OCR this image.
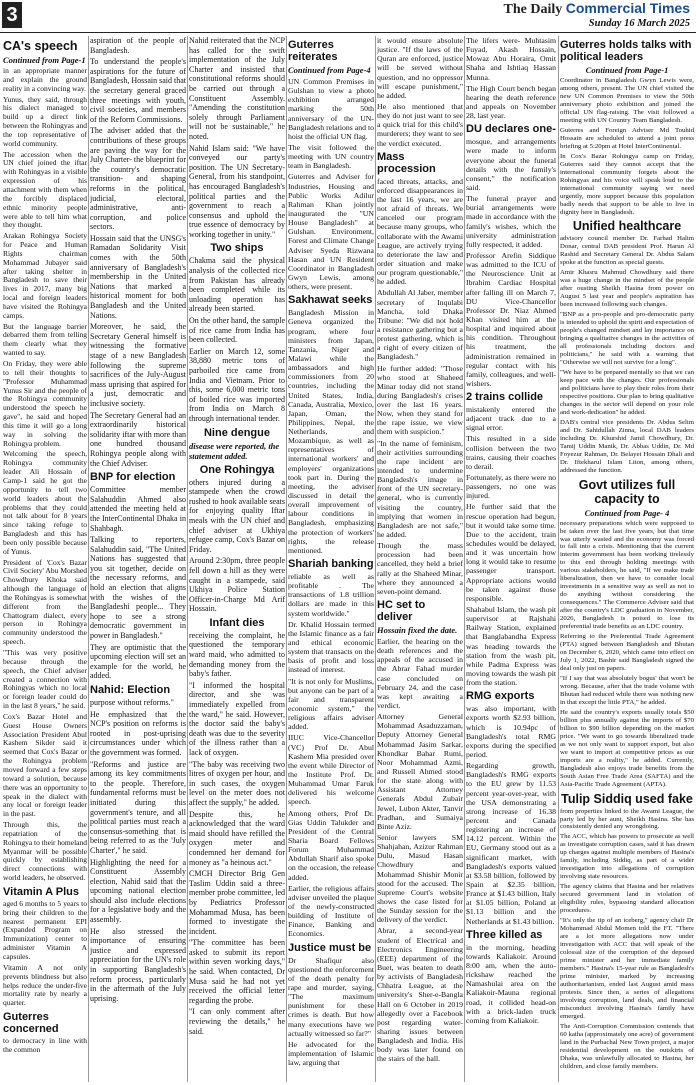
3	The Daily Commercial Times
Sunday 16 March 2025
CA's speech
Continued from Page-1

in an appropriate manner and explain the ground reality in a convincing way.

Yunus, they said, through his dialect managed to build up a direct link between the Rohingyas and the top representative of world community.

The accession when the UN chief joined the iftar with Rohingyas in a visible expression of his attachment with them when the forcibly displaced ethnic minority people were able to tell him what they thought.

Arakan Rohingya Society for Peace and Human Rights chairman Mohammad Jubayer said after taking shelter in Bangladesh to save their lives in 2017, many big local and foreign leaders have visited the Rohingya camps.

But the language barrier debarred them from telling them clearly what they wanted to say.

On Friday, they were able to tell their thoughts to "Professor Muhammad Yunus Sir and the people of the Rohingya community understood the speech he gave", he said and hoped this time it will go a long way in solving the Rohingya problem.

Welcoming the speech, Rohingya community leader Ali Hossain of Camp-1 said he got the opportunity to tell two world leaders about the problems that they could not talk about for 8 years since taking refuge to Bangladesh and this has been only possible because of Yunus.

President of 'Cox's Bazar Civil Society' Abu Morshed Chowdhury Khoka said although the language of the Rohingyas is somewhat different from the Chattogram dialect, every person in Rohingya community understood the speech.

"This was very positive because through the speech, the Chief adviser created a connection with Rohingyas which no local or foreign leader could do in the last 8 years," he said.

Cox's Bazar Hotel and Guest House Owners Association President Abul Kashem Sikder said it seemed that Cox's Bazar or the Rohingya problem moved forward a few steps toward a solution, because there was an opportunity to speak in the dialect with any local or foreign leader in the past.

Through this, the repatriation of the Rohingya to their homeland Myanmar will be possible quickly by establishing direct connections with world leaders, he observed.

Vitamin A Plus

aged 6 months to 5 years to bring their children to the nearest permanent EPI (Expanded Program on Immunization) center to administer Vitamin A capsules.

Vitamin A not only prevents blindness but also helps reduce the under-five mortality rate by nearly a quarter.

Guterres concerned

to democracy in line with the common

aspiration of the people of Bangladesh.

To understand the people's aspirations for the future of Bangladesh, Hossain said that the secretary general graced three meetings with youth, civil societies, and members of the Reform Commissions.

The adviser added that the contributions of these groups are paving the way for the July Charter- the blueprint for the country's democratic transition- and shaping reforms in the political, judicial, electoral, administrative, anti-corruption, and police sectors.

Hossain said that the UNSG's Ramadan Solidarity Visit comes with the 50th anniversary of Bangladesh's membership in the United Nations that marked a historical moment for both Bangladesh and the United Nations.

Moreover, he said, the Secretary General himself is witnessing the formative stage of a new Bangladesh following the supreme sacrifices of the July-August mass uprising that aspired for a just, democratic and inclusive society.

The Secretary General had an extraordinarily historical solidarity iftar with more than one hundred thousand Rohingya people along with the Chief Adviser.

BNP for election

Committee member Salahuddin Ahmed also attended the meeting held at the InterContinental Dhaka in Shahbagh.

Talking to reporters, Salahuddin said, "The United Nations has suggested that you sit together, decide on the necessary reforms, and hold an election that aligns with the wishes of the Bangladeshi people... They hope to see a strong democratic government in power in Bangladesh."

They are optimistic that the upcoming election will set an example for the world, he added.

Nahid: Election

purpose without reforms."

He emphasized that the NCP's position on reforms is rooted in post-uprising circumstances under which the government was formed.

"Reforms and justice are among its key commitments to the people. Therefore, fundamental reforms must be initiated during this government's tenure, and all political parties must reach a consensus-something that is being referred to as the 'July Charter'," he said.

Highlighting the need for a Constituent Assembly election, Nahid said that the upcoming national election should also include elections for a legislative body and the assembly.

He also stressed the importance of ensuring justice and expressed appreciation for the UN's role in supporting Bangladesh's reform process, particularly in the aftermath of the July uprising.

Nahid reiterated that the NCP has called for the swift implementation of the July Charter and insisted that constitutional reforms should be carried out through a Constituent Assembly. "Amending the constitution solely through Parliament will not be sustainable," he noted.

Nahid Islam said: "We have conveyed our party's position. The UN Secretary-General, from his standpoint, has encouraged Bangladesh's political parties and the government to reach a consensus and uphold the true essence of democracy by working together in unity."

Two ships

Chakma said the physical analysis of the collected rice from Pakistan has already been completed while its unloading operation has already been started.

On the other hand, the sample of rice came from India has been collected.

Earlier on March 12, some 38,880 metric tons of parboiled rice came from India and Vietnam. Prior to this, some 6,000 metric tons of boiled rice was imported from India on March 8 through international tender.

Nine dengue
disease were reported, the statement added.
One Rohingya

others injured during a stampede when the crowd rushed to hook available seats for enjoying quality Iftar meals with the UN chief and chief adviser at Ukhiya refugee camp, Cox's Bazar on Friday.

Around 2:30pm, three people fell down a hill as they were caught in a stampede, said Ukhiya Police Station Officer-in-Charge Md Arif Hossain.

Infant dies

receiving the complaint, he questioned the temporary ward maid, who admitted to demanding money from the baby's father.

"I informed the hospital director, and she was immediately expelled from the ward," he said. However, the doctor said the baby's death was due to the severity of the illness rather than a lack of oxygen.

"The baby was receiving two litres of oxygen per hour, and in such cases, the oxygen level on the meter does not affect the supply," he added.

Despite this, he acknowledged that the ward maid should have refilled the oxygen meter and condemned her demand for money as "a heinous act."

CMCH Director Brig Gen Taslim Uddin said a three-member probe committee, led by Pediatrics Professor Mohammad Musa, has been formed to investigate the incident.

"The committee has been asked to submit its report within seven working days," he said. When contacted, Dr Musa said he had not yet received the official letter regarding the probe.

"I can only comment after reviewing the details," he said.

Guterres reiterates
Continued from Page-4

UN Common Premises in Gulshan to view a photo exhibition arranged marking the 50th anniversary of the UN-Bangladesh relations and to hoist the official UN flag.

The visit followed the meeting with UN country team in Bangladesh.

Guterres and Adviser for Industries, Housing and Public Works Adilur Rahman Khan jointly inaugurated the "UN House Bangladesh" at Gulshan. Environment, Forest and Climate Change Adviser Syeda Rizwana Hasan and UN Resident Coordinator in Bangladesh Gwyn Lewis, among others, were present.

Sakhawat seeks

Bangladesh Mission in Geneva organized the program, where four ministers from Japan, Tanzania, Niger and Malawi while the ambassadors and high commissioners from 20 countries, including the United States, India, Canada, Australia, Mexico, Japan, Oman, the Philippines, Nepal, the Netherlands, and Mozambique, as well as representatives of international workers' and employers' organizations took part in. During the meeting, the adviser discussed in detail the overall improvement of labour conditions in Bangladesh, emphasizing the protection of workers' rights, the release mentioned.

Shariah banking

reliable as well as profitable . The transactions of 1.8 trillion dollars are made in this system worldwide."

Dr. Khalid Hossain termed the Islamic finance as a fair and ethical economic system that transacts on the basis of profit and loss instead of interest.

"It is not only for Muslims, but anyone can be part of a fair and transparent economic system," the religious affairs adviser added.

IIUC Vice-Chancellor (VC) Prof Dr. Abul Kashem Mia presided over the event while Director of the Institute Prof. Dr. Muhammad Umar Faruk delivered his welcome speech.

Among others, Prof Dr. Gias Uddin Talukder and President of the Central Sharia Board Fellows Forum Muhammad Abdullah Sharif also spoke on the occasion, the release added.

Earlier, the religious affairs adviser unveiled the plaque of the newly-constructed building of Institute of Finance, Banking and Economics.

Justice must be

Dr Shafiqur also questioned the enforcement of the death penalty for rape and murder, saying, "The maximum punishment for these crimes is death. But how many executions have we actually witnessed so far?"

He advocated for the implementation of Islamic law, arguing that

it would ensure absolute justice. "If the laws of the Quran are enforced, justice will be served without question, and no oppressor will escape punishment," he added.

He also mentioned that they do not just want to see a quick trial for this child's murderers; they want to see the verdict executed.

Mass procession

faced threats, attacks, and enforced disappearances in the last 16 years, we are not afraid of threats. We canceled our program because many groups, who collaborate with the Awami League, are actively trying to deteriorate the law and order situation and make our program questionable," he added.

Abdullah Al Jaber, member secretary of Inqulabi Mancha, told Dhaka Tribune: "We did not hold a resistance gathering but a protest gathering, which is a right of every citizen of Bangladesh."

He further added: "Those who stood at Shaheed Minar today did not stand during Bangladesh's crises over the last 16 years. Now, when they stand for the rape issue, we view them with suspicion."

"In the name of feminism, their activities surrounding the rape incident are intended to undermine Bangladesh's image in front of the UN secretary-general, who is currently visiting the country, implying that women in Bangladesh are not safe," he added.

Though the mass procession had been cancelled, they held a brief rally at the Shaheed Minar, where they announced a seven-point demand.

HC set to deliver
Hossain fixed the date.

Earlier, the hearing on the death references and the appeals of the accused in the Abrar Fahad murder case concluded on February 24, and the case was kept awaiting a verdict.

Attorney General Mohammad Asaduzzaman, Deputy Attorney General Mohammad Jasim Sarkar, Khondkar Bahar Rumi, Noor Mohammad Azmi, and Russell Ahmed stood for the state along with Assistant Attorney Generals Abdul Zubair Jewel, Lubon Akter, Tanvir Pradhan, and Sumaiya Binte Aziz.

Senior lawyers SM Shahjahan, Azizur Rahman Dulu, Masud Hasan Chowdhury and Mohammad Shishir Monir stood for the accused. The Supreme Court's website shows the case listed for the Sunday session for the delivery of the verdict.

Abrar, a second-year student of Electrical and Electronics Engineering (EEE) department of the Buet, was beaten to death by activists of Bangladesh Chhatra League, at the university's Sher-e-Bangla Hall on 6 October in 2019 allegedly over a Facebook post regarding water-sharing issues between Bangladesh and India. His body was later found on the stairs of the hall.

Guterres holds talks with political leaders
Continued from Page-1

Coordinator in Bangladesh Gwyn Lewis were, among others, present. The UN chief visited the new UN Common Premises to view the 50th anniversary photo exhibition and joined the official UN flag-raising. The visit followed a meeting with UN Country Team Bangladesh.

Guterres and Foreign Adviser Md Touhid Hossain are scheduled to attend a joint press briefing at 5:20pm at Hotel InterContinental.

In Cox's Bazar Rohingya camp on Friday, Guterres said they cannot accept that the international community forgets about the Rohingyas and his voice will speak loud to the international community saying we need urgently, more support because this population badly needs that support to be able to live in dignity here in Bangladesh.

Unified healthcare

advisory council member Dr. Farhad Halim Donar, central DAB president Prof. Harun Al Rashid and Secretary General Dr. Abdus Salam spoke at the function as special guests.

Amir Khasru Mahmud Chowdhury said there was a huge change in the mindset of the people after ousting Sheikh Hasina from power on August 5 last year and people's aspiration has been increased following such changes.

"BNP as a pro-people and pro-democratic party is intended to uphold the spirit and expectation of people's changed mindset and lay importance on bringing a qualitative changes in the activities of all professionals including doctors and politicians," he said with a warning that "Otherwise we will not survive for a long".

"We have to be prepared mentally so that we can keep pace with the changes. Our professionals and politicians have to play their roles from their respective positions. Our plan to bring qualitative changes in the sector will depend on your role and work-dedication" he added.

DAB's central vice presidents Dr. Abdus Selim and Dr. Sahidullah Zinna, local DAB leaders including Dr. Khurshid Jamil Chowdhury, Dr. Tamij Uddin Manik, Dr. Abbas Uddin, Dr. Md Foyezur Rahman, Dr. Belayet Hossain Dhali and Dr. Iftekharul Islam Liton, among others, addressed the function.

Govt utilizes full capacity to
Continued from Page- 4

necessary preparations which were supposed to be taken over the last five years, but that time was utterly wasted and the economy was forced to fall into a crisis. Mentioning that the current interim government has been working tirelessly to this end through holding meetings with various stakeholders, he said, "If we make trade liberalization, then we have to consider local investments in a sensitive way as well as not to do anything without considering the consequences." The Commerce Adviser said that after the country's LDC graduation in November, 2026, Bangladesh is poised to lose its preferential trade benefits as an LDC country.

Referring to the Preferential Trade Agreement (PTA) signed between Bangladesh and Bhutan on December 6, 2020, which came into effect on July 1, 2022, Bashir said Bangladesh signed the deal only just on papers.

"If I say that was absolutely bogus' that won't be wrong. Because, after that the trade volume with Bhutan had reduced while there was nothing new in that except the little PTA," he added.

He said the country's exports usually totals $50 billion plus annually against the imports of $70 billion to $90 billion depending on the market price. "We want to go towards liberalized trade as we not only want to support export, but also we want to import at competitive prices as our imports are a reality," he added. Currently, Bangladesh also enjoys trade benefits from the South Asian Free Trade Area (SAFTA) and the Asia-Pacific Trade Agreement (APTA).

Tulip Siddiq used fake

from properties linked to the Awami League, the party led by her aunt, Sheikh Hasina. She has consistently denied any wrongdoing.

The ACC, which has powers to prosecute as well as investigate corruption cases, said it has drawn up charges against multiple members of Hasina's family, including Siddiq, as part of a wider investigation into allegations of corruption involving state resources.

The agency claims that Hasina and her relatives secured government land in violation of eligibility rules, bypassing standard allocation procedures.

"It's only the tip of an iceberg," agency chair Dr Mohammad Abdul Momen told the FT. "There are a lot more allegations now under investigation with ACC that will speak of the colossal size of the corruption of the deposed prime minister and her immediate family members." Hasina's 15-year rule as Bangladesh's prime minister, marked by increasing authoritarianism, ended last August amid mass protests. Since then, a series of allegations involving corruption, land deals, and financial misconduct involving Hasina's family have emerged.

The Anti-Corruption Commission contends that 60 katha (approximately one acre) of government land in the Purbachal New Town project, a major residential development on the outskirts of Dhaka, was unlawfully allocated to Hasina, her children, and close family members.

The lifers were- Muhtasim Fuyad, Akash Hossain, Mowaz Abu Horaira, Omit Shaha and Ishtiaq Hassan Munna.

The High Court bench began hearing the death reference and appeals on November 28, last year.

DU declares one-

mosque, and arrangements were made to inform everyone about the funeral details with the family's consent," the notification said.

The funeral prayer and burial arrangements were made in accordance with the family's wishes, which the university administration fully respected, it added.

Professor Arefin Siddique was admitted to the ICU of the Neuroscience Unit at Ibrahim Cardiac Hospital after falling ill on March 7, DU Vice-Chancellor Professor Dr. Niaz Ahmed Khan visited him at the hospital and inquired about his condition. Throughout his treatment, the administration remained in regular contact with his family, colleagues, and well-wishers.

2 trains collide

mistakenly entered the adjacent track due to a signal error.

This resulted in a side collision between the two trains, causing their coaches to derail.

Fortunately, as there were no passengers, no one was injured.

He further said that the rescue operation had begun, but it would take some time. Due to the accident, train schedules would be delayed, and it was uncertain how long it would take to resume passenger transport. Appropriate actions would be taken against those responsible.

Shahabul Islam, the wash pit supervisor at Rajshahi Railway Station, explained that Banglabandha Express was heading towards the station from the wash pit, while Padma Express was moving towards the wash pit from the station.

RMG exports

was also important, with exports worth $2.93 billion, which is 10.94pc of Bangladesh's total RMG exports during the specified period.

Regarding growth, Bangladesh's RMG exports to the EU grew by 11.53 percent year-over-year, with the USA demonstrating a strong increase of 16.38 percent and Canada registering an increase of 14.12 percent. Within the EU, Germany stood out as a significant market, with Bangladesh's exports valued at $3.58 billion, followed by Spain at $2.35 billion, France at $1.43 billion, Italy at $1.05 billion, Poland at $1.13 billion and the Netherlands at $1.43 billion.

Three killed as

in the morning, heading towards Kaliakoir. Around 8:00 am, when the auto-rickshaw reached the Namashulai area on the Kaliakoir-Mauna regional road, it collided head-on with a brick-laden truck coming from Kaliakoir.
